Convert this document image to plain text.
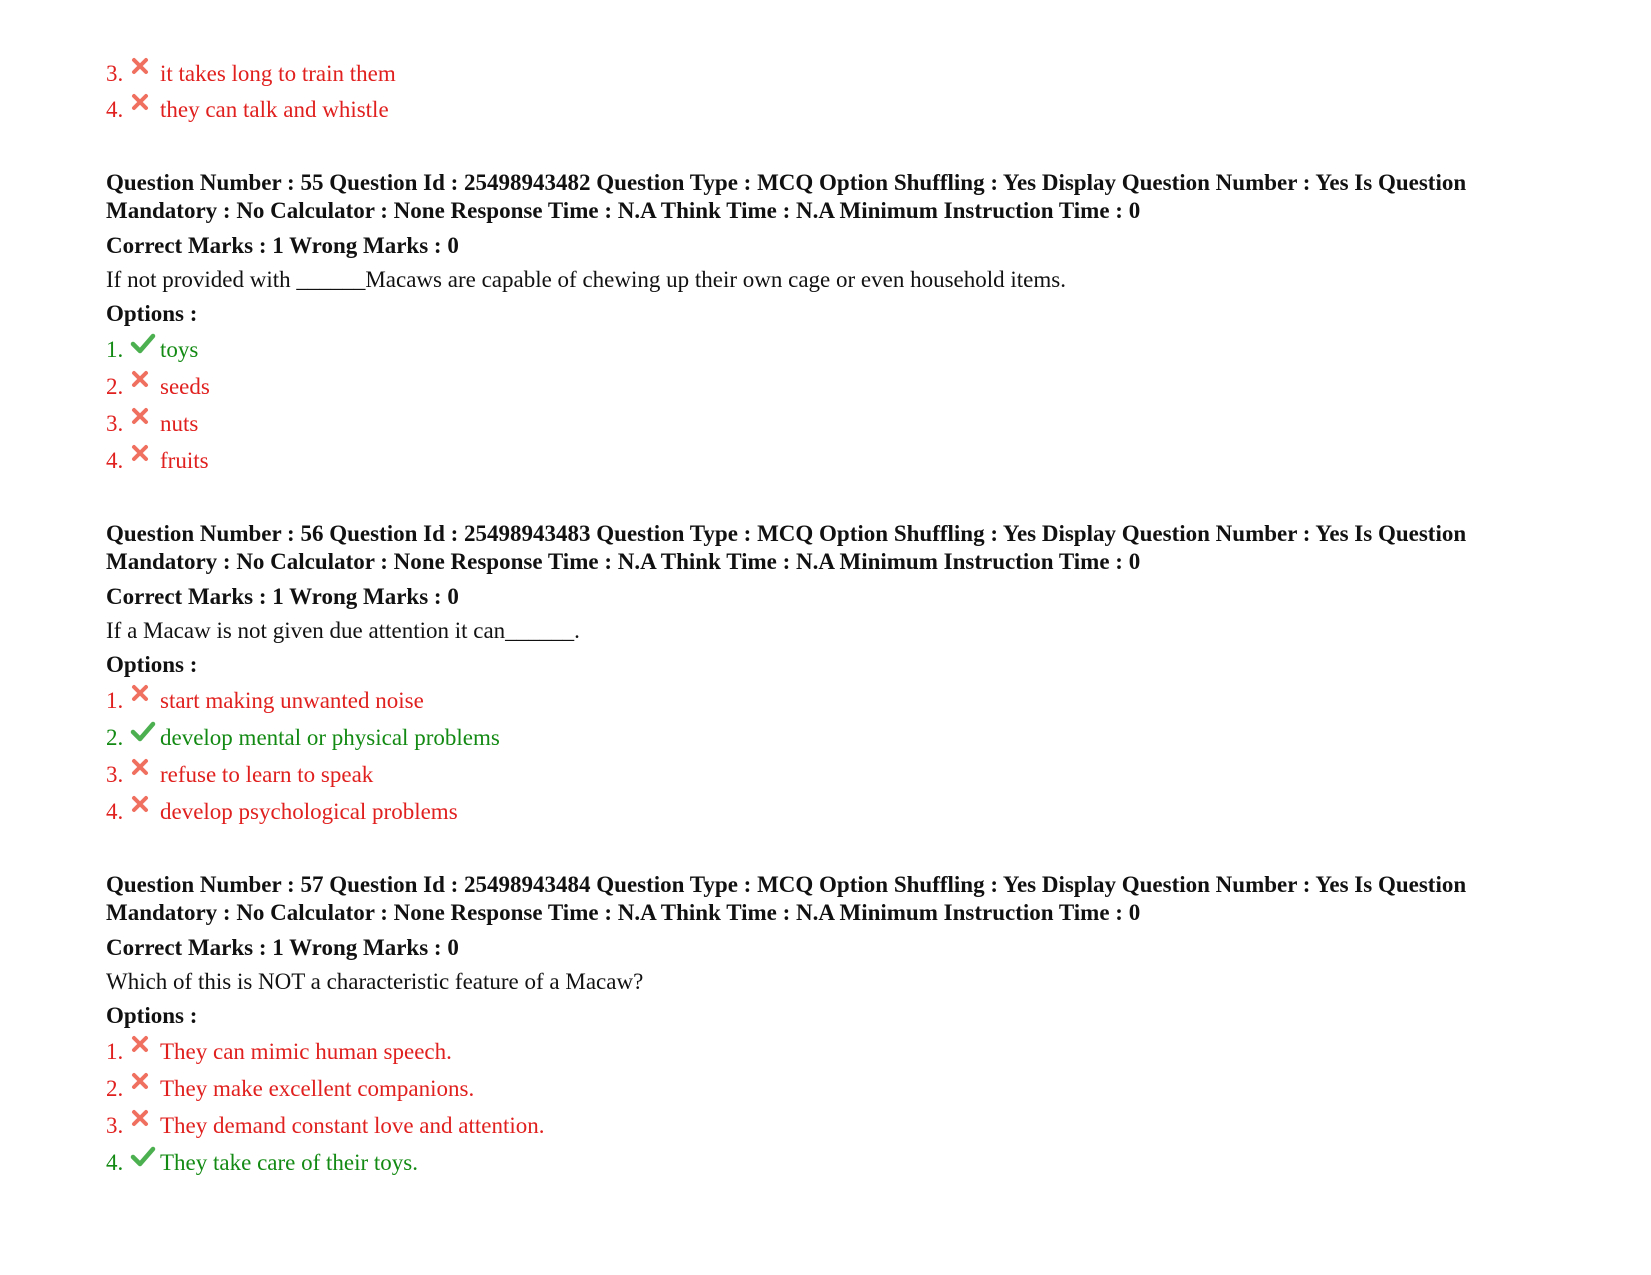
3. it takes long to train them
4. they can talk and whistle
Question Number : 55 Question Id : 25498943482 Question Type : MCQ Option Shuffling : Yes Display Question Number : Yes Is Question Mandatory : No Calculator : None Response Time : N.A Think Time : N.A Minimum Instruction Time : 0
Correct Marks : 1 Wrong Marks : 0
If not provided with ______Macaws are capable of chewing up their own cage or even household items.
Options :
1. toys
2. seeds
3. nuts
4. fruits
Question Number : 56 Question Id : 25498943483 Question Type : MCQ Option Shuffling : Yes Display Question Number : Yes Is Question Mandatory : No Calculator : None Response Time : N.A Think Time : N.A Minimum Instruction Time : 0
Correct Marks : 1 Wrong Marks : 0
If a Macaw is not given due attention it can______.
Options :
1. start making unwanted noise
2. develop mental or physical problems
3. refuse to learn to speak
4. develop psychological problems
Question Number : 57 Question Id : 25498943484 Question Type : MCQ Option Shuffling : Yes Display Question Number : Yes Is Question Mandatory : No Calculator : None Response Time : N.A Think Time : N.A Minimum Instruction Time : 0
Correct Marks : 1 Wrong Marks : 0
Which of this is NOT a characteristic feature of a Macaw?
Options :
1. They can mimic human speech.
2. They make excellent companions.
3. They demand constant love and attention.
4. They take care of their toys.
